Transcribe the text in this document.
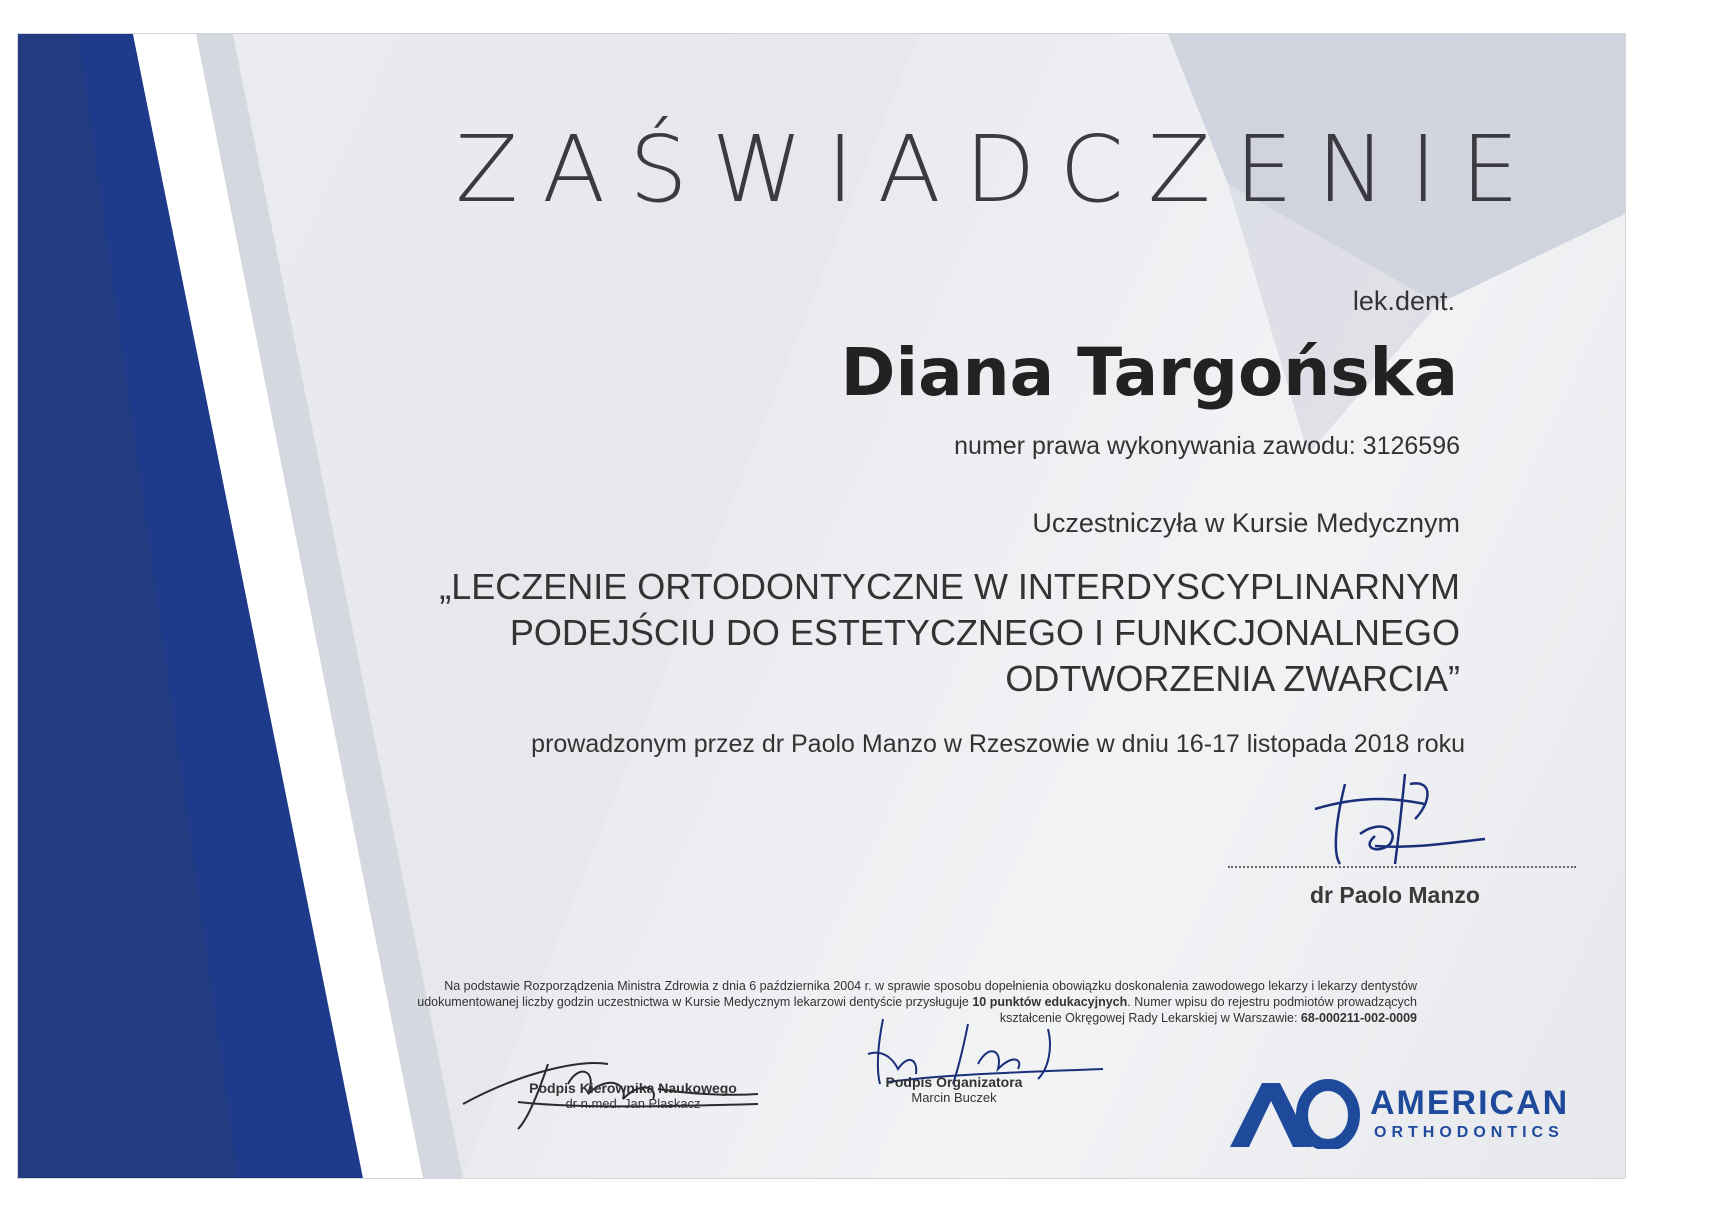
ZAŚWIADCZENIE
lek.dent.
Diana Targońska
numer prawa wykonywania zawodu: 3126596
Uczestniczyła w Kursie Medycznym
„LECZENIE ORTODONTYCZNE W INTERDYSCYPLINARNYM
PODEJŚCIU DO ESTETYCZNEGO I FUNKCJONALNEGO
ODTWORZENIA ZWARCIA”
prowadzonym przez dr Paolo Manzo w Rzeszowie w dniu 16-17 listopada 2018 roku
dr Paolo Manzo
Na podstawie Rozporządzenia Ministra Zdrowia z dnia 6 października 2004 r. w sprawie sposobu dopełnienia obowiązku doskonalenia zawodowego lekarzy i lekarzy dentystów
udokumentowanej liczby godzin uczestnictwa w Kursie Medycznym lekarzowi dentyście przysługuje 10 punktów edukacyjnych. Numer wpisu do rejestru podmiotów prowadzących
kształcenie Okręgowej Rady Lekarskiej w Warszawie: 68-000211-002-0009
Podpis Kierownika Naukowego
dr n.med. Jan Plaskacz
Podpis Organizatora
Marcin Buczek	AMERICAN
ORTHODONTICS
